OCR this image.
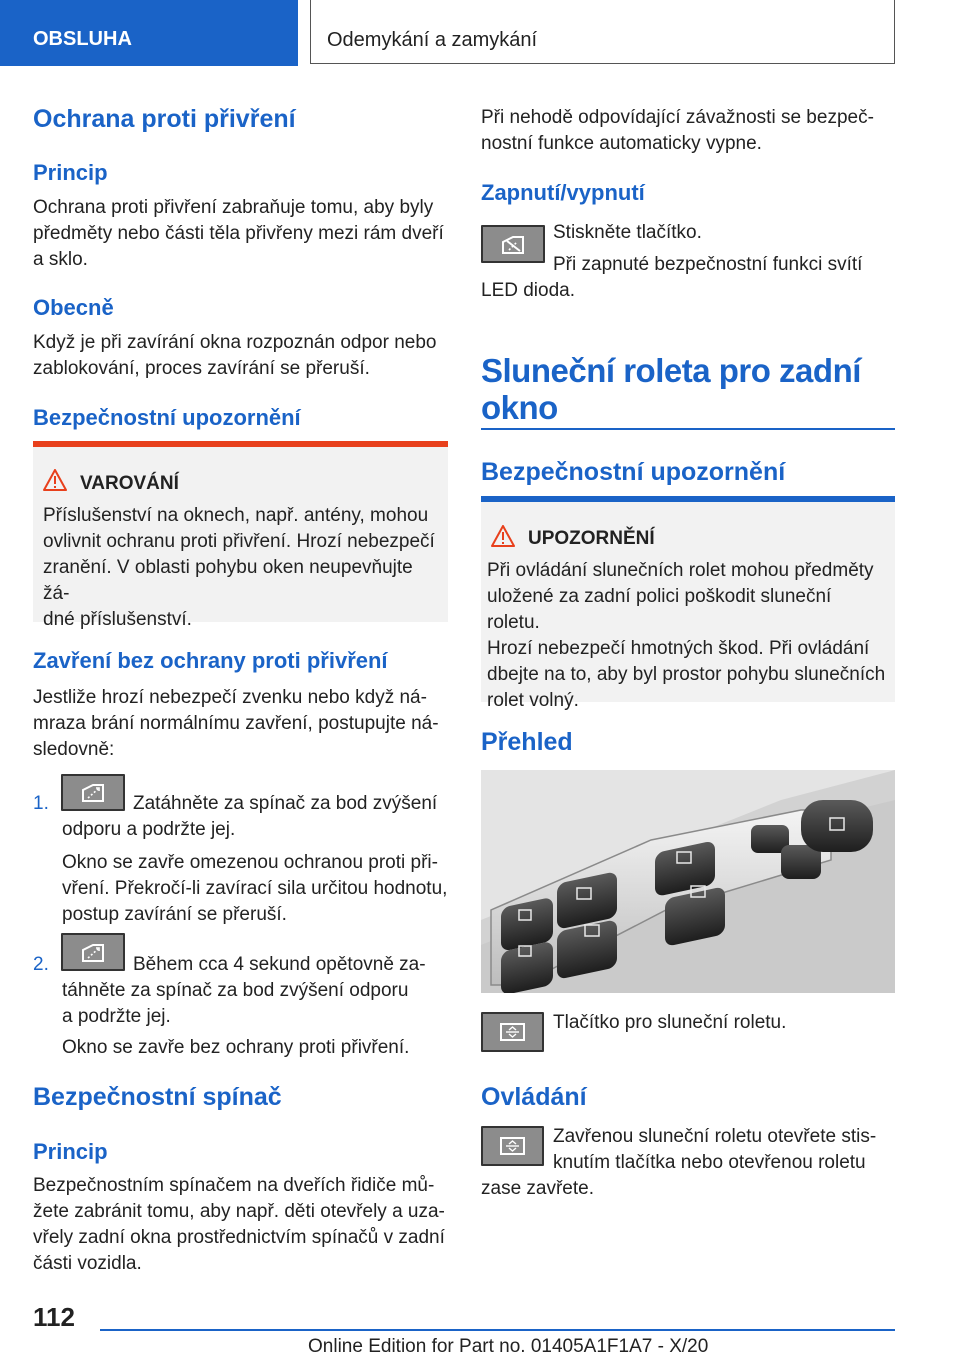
OBSLUHA	Odemykání a zamykání
Ochrana proti přivření
Princip
Ochrana proti přivření zabraňuje tomu, aby byly
předměty nebo části těla přivřeny mezi rám dveří
a sklo.
Obecně
Když je při zavírání okna rozpoznán odpor nebo
zablokování, proces zavírání se přeruší.
Bezpečnostní upozornění
VAROVÁNÍ
Příslušenství na oknech, např. antény, mohou
ovlivnit ochranu proti přivření. Hrozí nebezpečí
zranění. V oblasti pohybu oken neupevňujte žá-
dné příslušenství.
Zavření bez ochrany proti přivření
Jestliže hrozí nebezpečí zvenku nebo když ná-
mraza brání normálnímu zavření, postupujte ná-
sledovně:
1.	Zatáhněte za spínač za bod zvýšení
odporu a podržte jej.
Okno se zavře omezenou ochranou proti při-
vření. Překročí-li zavírací sila určitou hodnotu,
postup zavírání se přeruší.
2.	Během cca 4 sekund opětovně za-
táhněte za spínač za bod zvýšení odporu
a podržte jej.
Okno se zavře bez ochrany proti přivření.
Bezpečnostní spínač
Princip
Bezpečnostním spínačem na dveřích řidiče mů-
žete zabránit tomu, aby např. děti otevřely a uza-
vřely zadní okna prostřednictvím spínačů v zadní
části vozidla.
Při nehodě odpovídající závažnosti se bezpeč-
nostní funkce automaticky vypne.
Zapnutí/vypnutí
Stiskněte tlačítko.
Při zapnuté bezpečnostní funkci svítí
LED dioda.
Sluneční roleta pro zadní
okno
Bezpečnostní upozornění
UPOZORNĚNÍ
Při ovládání slunečních rolet mohou předměty
uložené za zadní polici poškodit sluneční roletu.
Hrozí nebezpečí hmotných škod. Při ovládání
dbejte na to, aby byl prostor pohybu slunečních
rolet volný.
Přehled
Tlačítko pro sluneční roletu.
Ovládání
Zavřenou sluneční roletu otevřete stis-
knutím tlačítka nebo otevřenou roletu
zase zavřete.
112
Online Edition for Part no. 01405A1F1A7 - X/20
